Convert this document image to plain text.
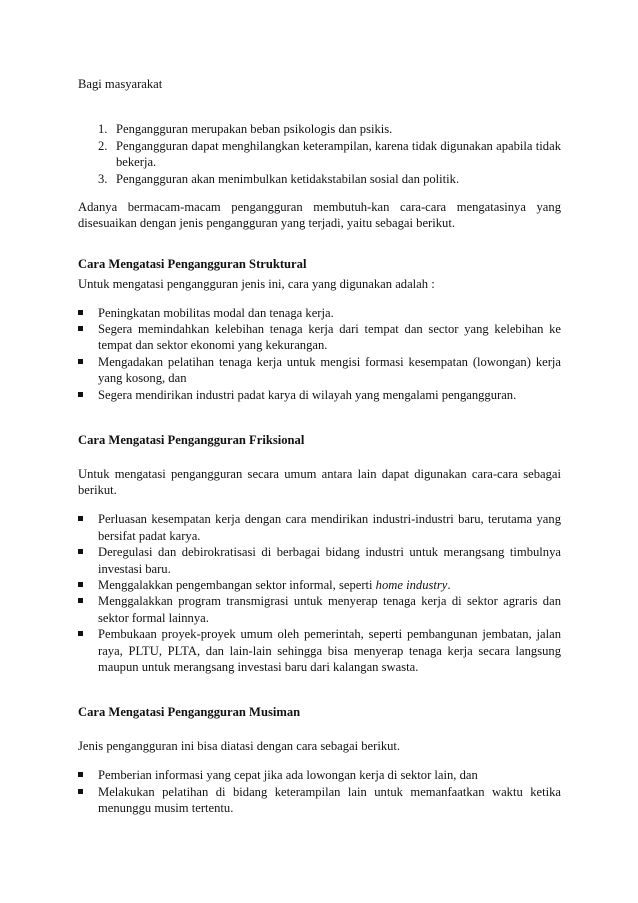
Bagi masyarakat

1. Pengangguran merupakan beban psikologis dan psikis.
2. Pengangguran dapat menghilangkan keterampilan, karena tidak digunakan apabila tidak bekerja.
3. Pengangguran akan menimbulkan ketidakstabilan sosial dan politik.

Adanya bermacam-macam pengangguran membutuh-kan cara-cara mengatasinya yang disesuaikan dengan jenis pengangguran yang terjadi, yaitu sebagai berikut.

Cara Mengatasi Pengangguran Struktural

Untuk mengatasi pengangguran jenis ini, cara yang digunakan adalah :

Peningkatan mobilitas modal dan tenaga kerja.
Segera memindahkan kelebihan tenaga kerja dari tempat dan sector yang kelebihan ke tempat dan sektor ekonomi yang kekurangan.
Mengadakan pelatihan tenaga kerja untuk mengisi formasi kesempatan (lowongan) kerja yang kosong, dan
Segera mendirikan industri padat karya di wilayah yang mengalami pengangguran.

Cara Mengatasi Pengangguran Friksional

Untuk mengatasi pengangguran secara umum antara lain dapat digunakan cara-cara sebagai berikut.

Perluasan kesempatan kerja dengan cara mendirikan industri-industri baru, terutama yang bersifat padat karya.
Deregulasi dan debirokratisasi di berbagai bidang industri untuk merangsang timbulnya investasi baru.
Menggalakkan pengembangan sektor informal, seperti home industry.
Menggalakkan program transmigrasi untuk menyerap tenaga kerja di sektor agraris dan sektor formal lainnya.
Pembukaan proyek-proyek umum oleh pemerintah, seperti pembangunan jembatan, jalan raya, PLTU, PLTA, dan lain-lain sehingga bisa menyerap tenaga kerja secara langsung maupun untuk merangsang investasi baru dari kalangan swasta.

Cara Mengatasi Pengangguran Musiman

Jenis pengangguran ini bisa diatasi dengan cara sebagai berikut.

Pemberian informasi yang cepat jika ada lowongan kerja di sektor lain, dan
Melakukan pelatihan di bidang keterampilan lain untuk memanfaatkan waktu ketika menunggu musim tertentu.
